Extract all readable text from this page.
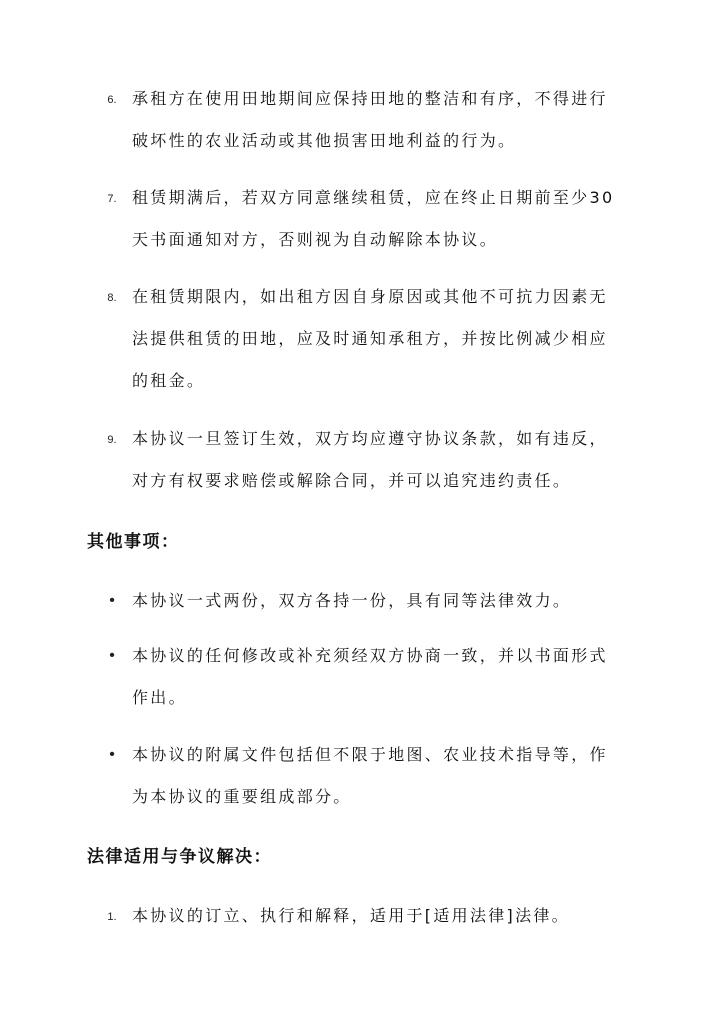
6. 承租方在使用田地期间应保持田地的整洁和有序，不得进行
破坏性的农业活动或其他损害田地利益的行为。
7. 租赁期满后，若双方同意继续租赁，应在终止日期前至少30
天书面通知对方，否则视为自动解除本协议。
8. 在租赁期限内，如出租方因自身原因或其他不可抗力因素无
法提供租赁的田地，应及时通知承租方，并按比例减少相应
的租金。
9. 本协议一旦签订生效，双方均应遵守协议条款，如有违反，
对方有权要求赔偿或解除合同，并可以追究违约责任。
其他事项：
• 本协议一式两份，双方各持一份，具有同等法律效力。
• 本协议的任何修改或补充须经双方协商一致，并以书面形式
作出。
• 本协议的附属文件包括但不限于地图、农业技术指导等，作
为本协议的重要组成部分。
法律适用与争议解决：
1. 本协议的订立、执行和解释，适用于[适用法律]法律。
